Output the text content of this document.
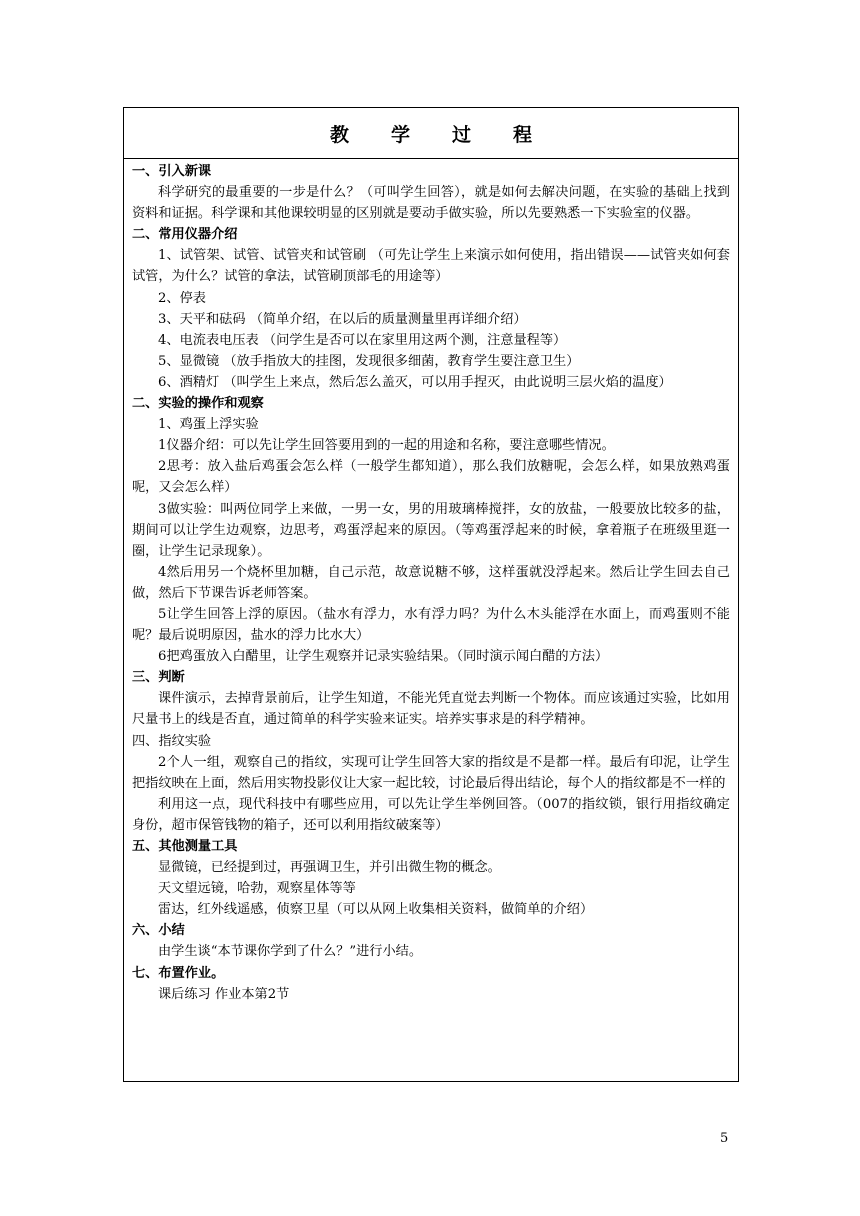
教学过程
一、引入新课
科学研究的最重要的一步是什么？（可叫学生回答），就是如何去解决问题，在实验的基础上找到资料和证据。科学课和其他课较明显的区别就是要动手做实验，所以先要熟悉一下实验室的仪器。
二、常用仪器介绍
1、试管架、试管、试管夹和试管刷 （可先让学生上来演示如何使用，指出错误——试管夹如何套试管，为什么？试管的拿法，试管刷顶部毛的用途等）
2、停表
3、天平和砝码 （简单介绍，在以后的质量测量里再详细介绍）
4、电流表电压表 （问学生是否可以在家里用这两个测，注意量程等）
5、显微镜 （放手指放大的挂图，发现很多细菌，教育学生要注意卫生）
6、酒精灯 （叫学生上来点，然后怎么盖灭，可以用手捏灭，由此说明三层火焰的温度）
二、实验的操作和观察
1、鸡蛋上浮实验
1仪器介绍：可以先让学生回答要用到的一起的用途和名称，要注意哪些情况。
2思考：放入盐后鸡蛋会怎么样（一般学生都知道），那么我们放糖呢，会怎么样，如果放熟鸡蛋呢，又会怎么样）
3做实验：叫两位同学上来做，一男一女，男的用玻璃棒搅拌，女的放盐，一般要放比较多的盐，期间可以让学生边观察，边思考，鸡蛋浮起来的原因。（等鸡蛋浮起来的时候，拿着瓶子在班级里逛一圈，让学生记录现象）。
4然后用另一个烧杯里加糖，自己示范，故意说糖不够，这样蛋就没浮起来。然后让学生回去自己做，然后下节课告诉老师答案。
5让学生回答上浮的原因。（盐水有浮力，水有浮力吗？为什么木头能浮在水面上，而鸡蛋则不能呢？最后说明原因，盐水的浮力比水大）
6把鸡蛋放入白醋里，让学生观察并记录实验结果。（同时演示闻白醋的方法）
三、判断
课件演示，去掉背景前后，让学生知道，不能光凭直觉去判断一个物体。而应该通过实验，比如用尺量书上的线是否直，通过简单的科学实验来证实。培养实事求是的科学精神。
四、指纹实验
2个人一组，观察自己的指纹，实现可让学生回答大家的指纹是不是都一样。最后有印泥，让学生把指纹映在上面，然后用实物投影仪让大家一起比较，讨论最后得出结论，每个人的指纹都是不一样的
利用这一点，现代科技中有哪些应用，可以先让学生举例回答。（007的指纹锁，银行用指纹确定身份，超市保管钱物的箱子，还可以利用指纹破案等）
五、其他测量工具
显微镜，已经提到过，再强调卫生，并引出微生物的概念。
天文望远镜，哈勃，观察星体等等
雷达，红外线遥感，侦察卫星（可以从网上收集相关资料，做简单的介绍）
六、小结
由学生谈“本节课你学到了什么？”进行小结。
七、布置作业。
课后练习 作业本第2节
5
